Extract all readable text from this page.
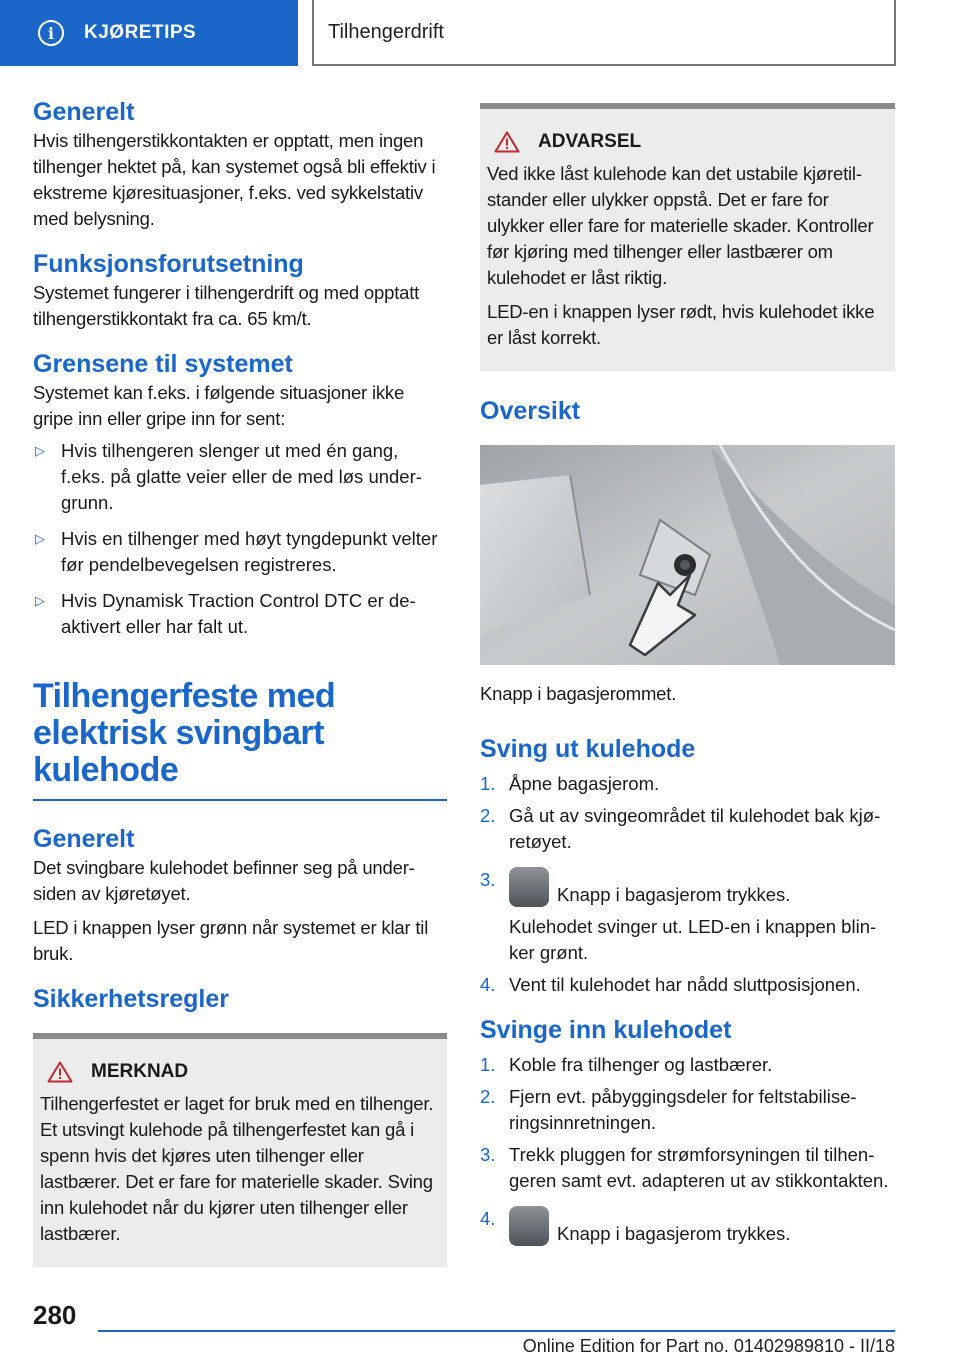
i	KJØRETIPS	Tilhengerdrift
Generelt

Hvis tilhengerstikkontakten er opptatt, men ingen tilhenger hektet på, kan systemet også bli effektiv i ekstreme kjøresituasjoner, f.eks. ved sykkelstativ med belysning.

Funksjonsforutsetning

Systemet fungerer i tilhengerdrift og med opptatt tilhengerstikkontakt fra ca. 65 km/t.

Grensene til systemet

Systemet kan f.eks. i følgende situasjoner ikke gripe inn eller gripe inn for sent:

▷ Hvis tilhengeren slenger ut med én gang, f.eks. på glatte veier eller de med løs undergrunn.
▷ Hvis en tilhenger med høyt tyngdepunkt velter før pendelbevegelsen registreres.
▷ Hvis Dynamisk Traction Control DTC er deaktivert eller har falt ut.
Tilhengerfeste med elektrisk svingbart kulehode
Generelt

Det svingbare kulehodet befinner seg på undersiden av kjøretøyet.

LED i knappen lyser grønn når systemet er klar til bruk.

Sikkerhetsregler
MERKNAD

Tilhengerfestet er laget for bruk med en tilhenger. Et utsvingt kulehode på tilhengerfestet kan gå i spenn hvis det kjøres uten tilhenger eller lastbærer. Det er fare for materielle skader. Sving inn kulehodet når du kjører uten tilhenger eller lastbærer.

ADVARSEL

Ved ikke låst kulehode kan det ustabile kjøretilstander eller ulykker oppstå. Det er fare for ulykker eller fare for materielle skader. Kontroller før kjøring med tilhenger eller lastbærer om kulehodet er låst riktig.

LED-en i knappen lyser rødt, hvis kulehodet ikke er låst korrekt.

Oversikt

Knapp i bagasjerommet.

Sving ut kulehode
1. Åpne bagasjerom.
2. Gå ut av svingeområdet til kulehodet bak kjøretøyet.
3.
Knapp i bagasjerom trykkes.
Kulehodet svinger ut. LED-en i knappen blinker grønt.
4. Vent til kulehodet har nådd sluttposisjonen.
Svinge inn kulehodet
1. Koble fra tilhenger og lastbærer.
2. Fjern evt. påbyggingsdeler for feltstabiliseringsinnretningen.
3. Trekk pluggen for strømforsyningen til tilhengeren samt evt. adapteren ut av stikkontakten.
4.
Knapp i bagasjerom trykkes.
280
Online Edition for Part no. 01402989810 - II/18
